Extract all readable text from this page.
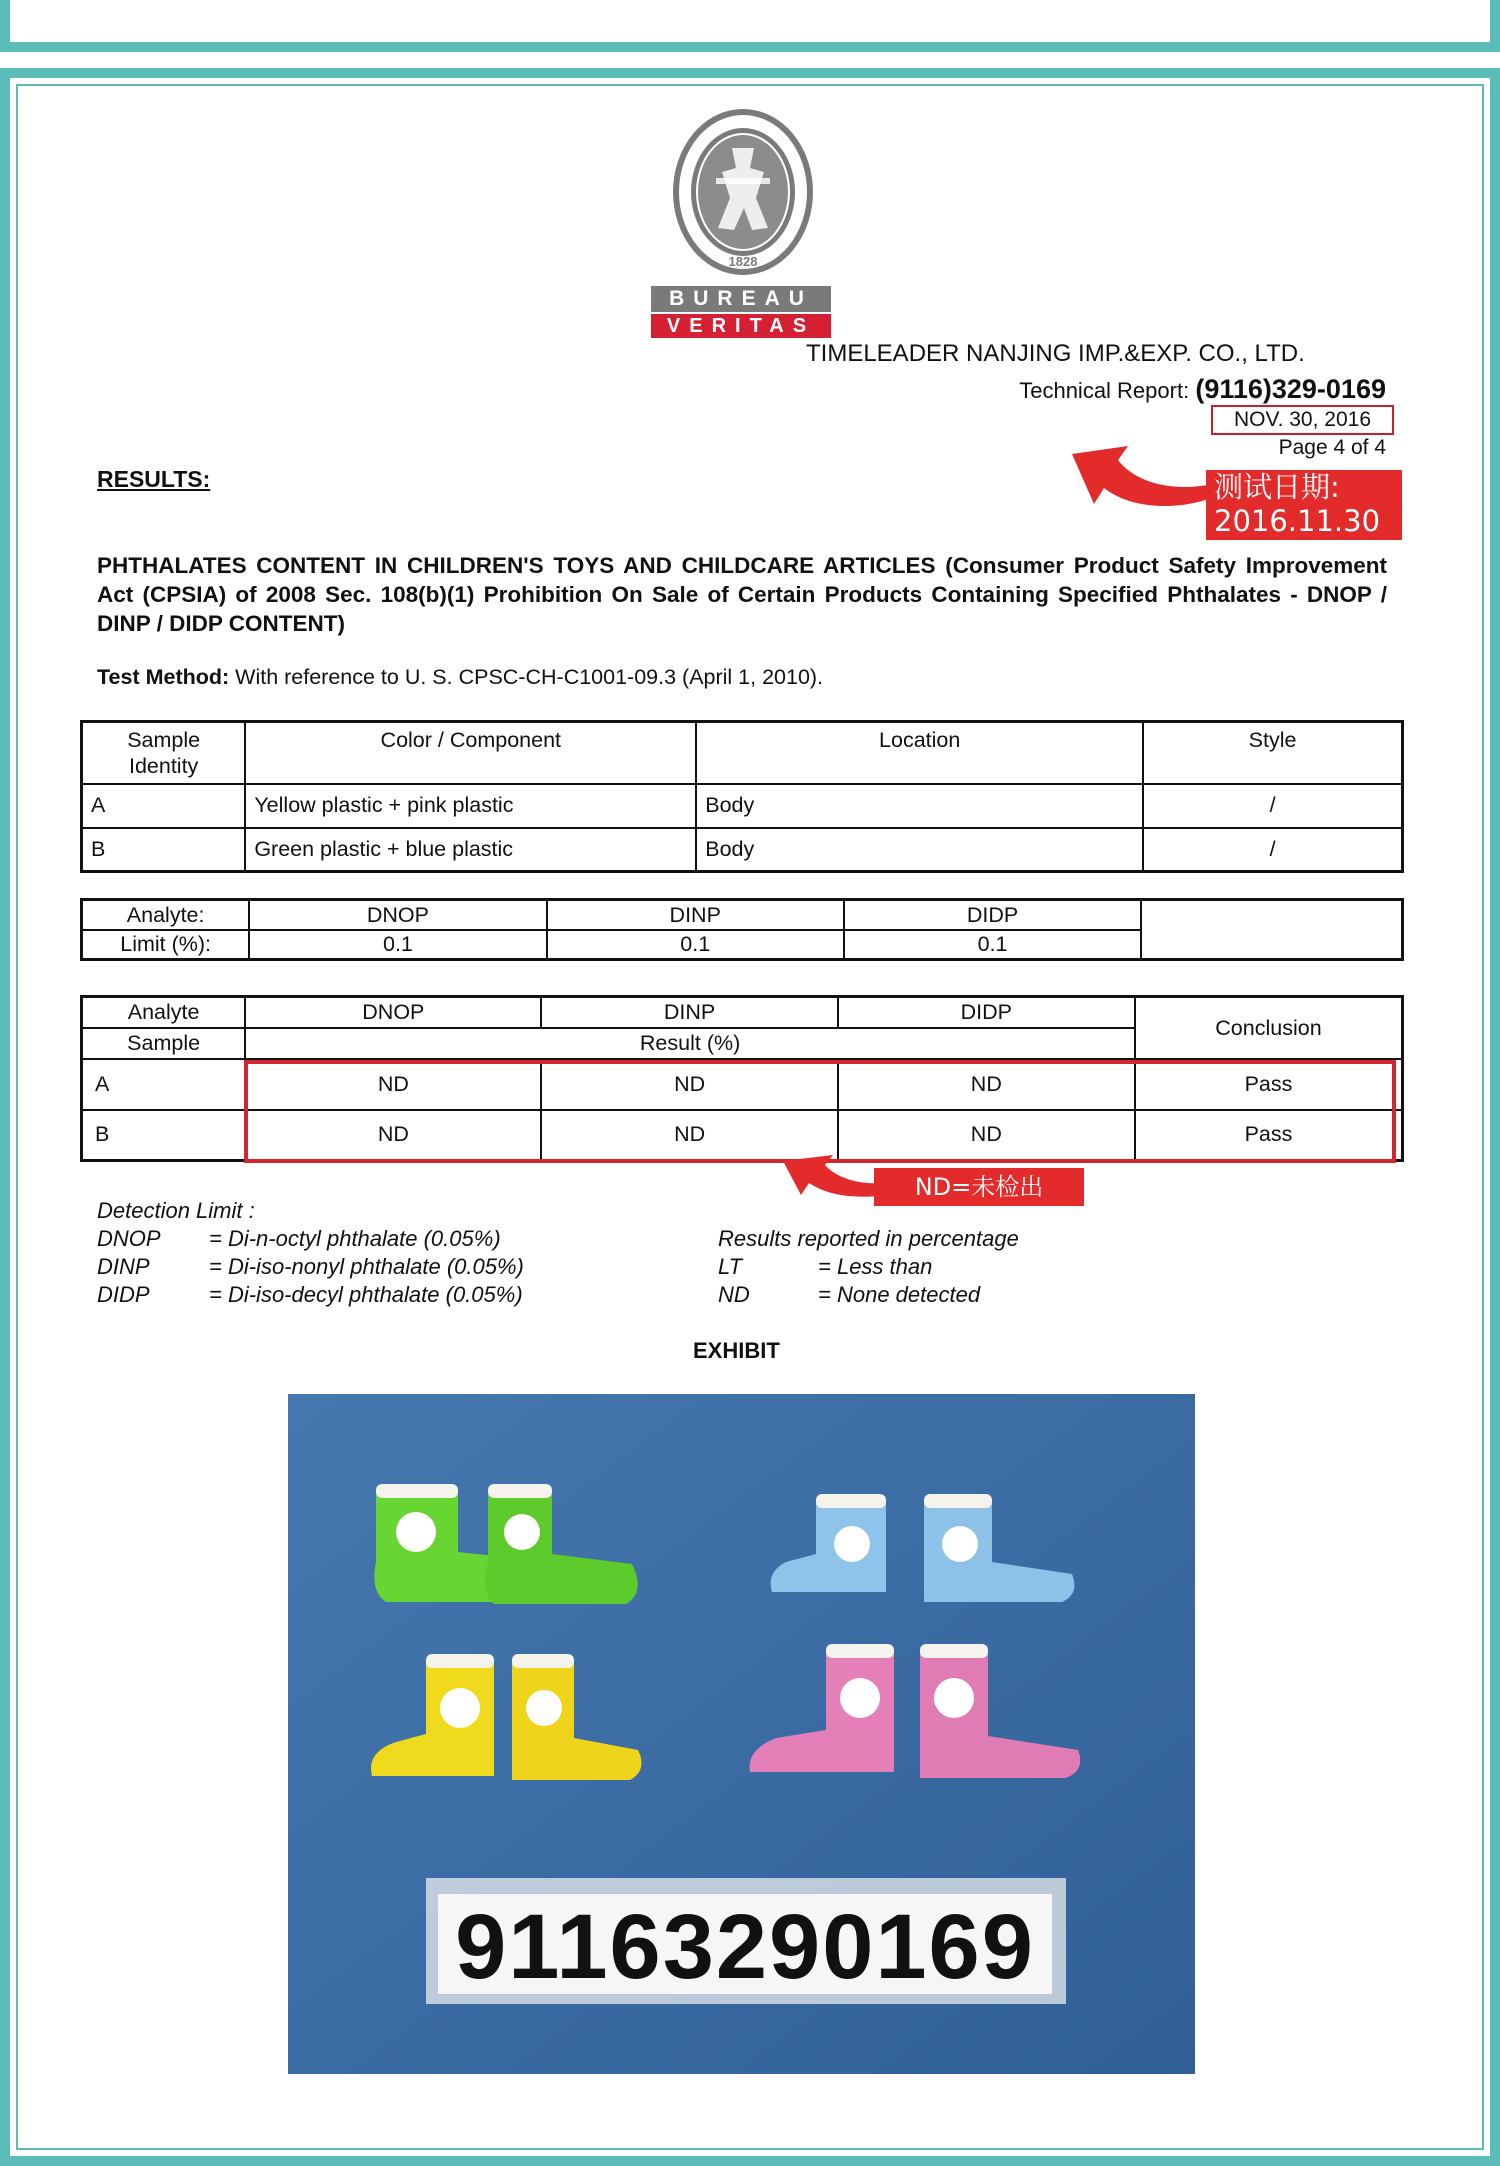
1828
BUREAU
VERITAS
TIMELEADER NANJING IMP.&EXP. CO., LTD.
Technical Report: (9116)329-0169
NOV. 30, 2016
Page 4 of 4
测试日期:
2016.11.30
RESULTS:
PHTHALATES CONTENT IN CHILDREN'S TOYS AND CHILDCARE ARTICLES (Consumer Product Safety Improvement Act (CPSIA) of 2008 Sec. 108(b)(1) Prohibition On Sale of Certain Products Containing Specified Phthalates - DNOP / DINP / DIDP CONTENT)
Test Method: With reference to U. S. CPSC-CH-C1001-09.3 (April 1, 2010).
Sample Identity	Color / Component	Location	Style
A	Yellow plastic + pink plastic	Body	/
B	Green plastic + blue plastic	Body	/
Analyte:	DNOP	DINP	DIDP	
Limit (%):	0.1	0.1	0.1	
Analyte	DNOP	DINP	DIDP	Conclusion
Sample	Result (%)			
A	ND	ND	ND	Pass
B	ND	ND	ND	Pass
ND=未检出
Detection Limit :
DNOP = Di-n-octyl phthalate (0.05%)
DINP	= Di-iso-nonyl phthalate (0.05%)
DIDP	= Di-iso-decyl phthalate (0.05%)
Results reported in percentage
LT	= Less than
ND	= None detected
EXHIBIT
91163290169
